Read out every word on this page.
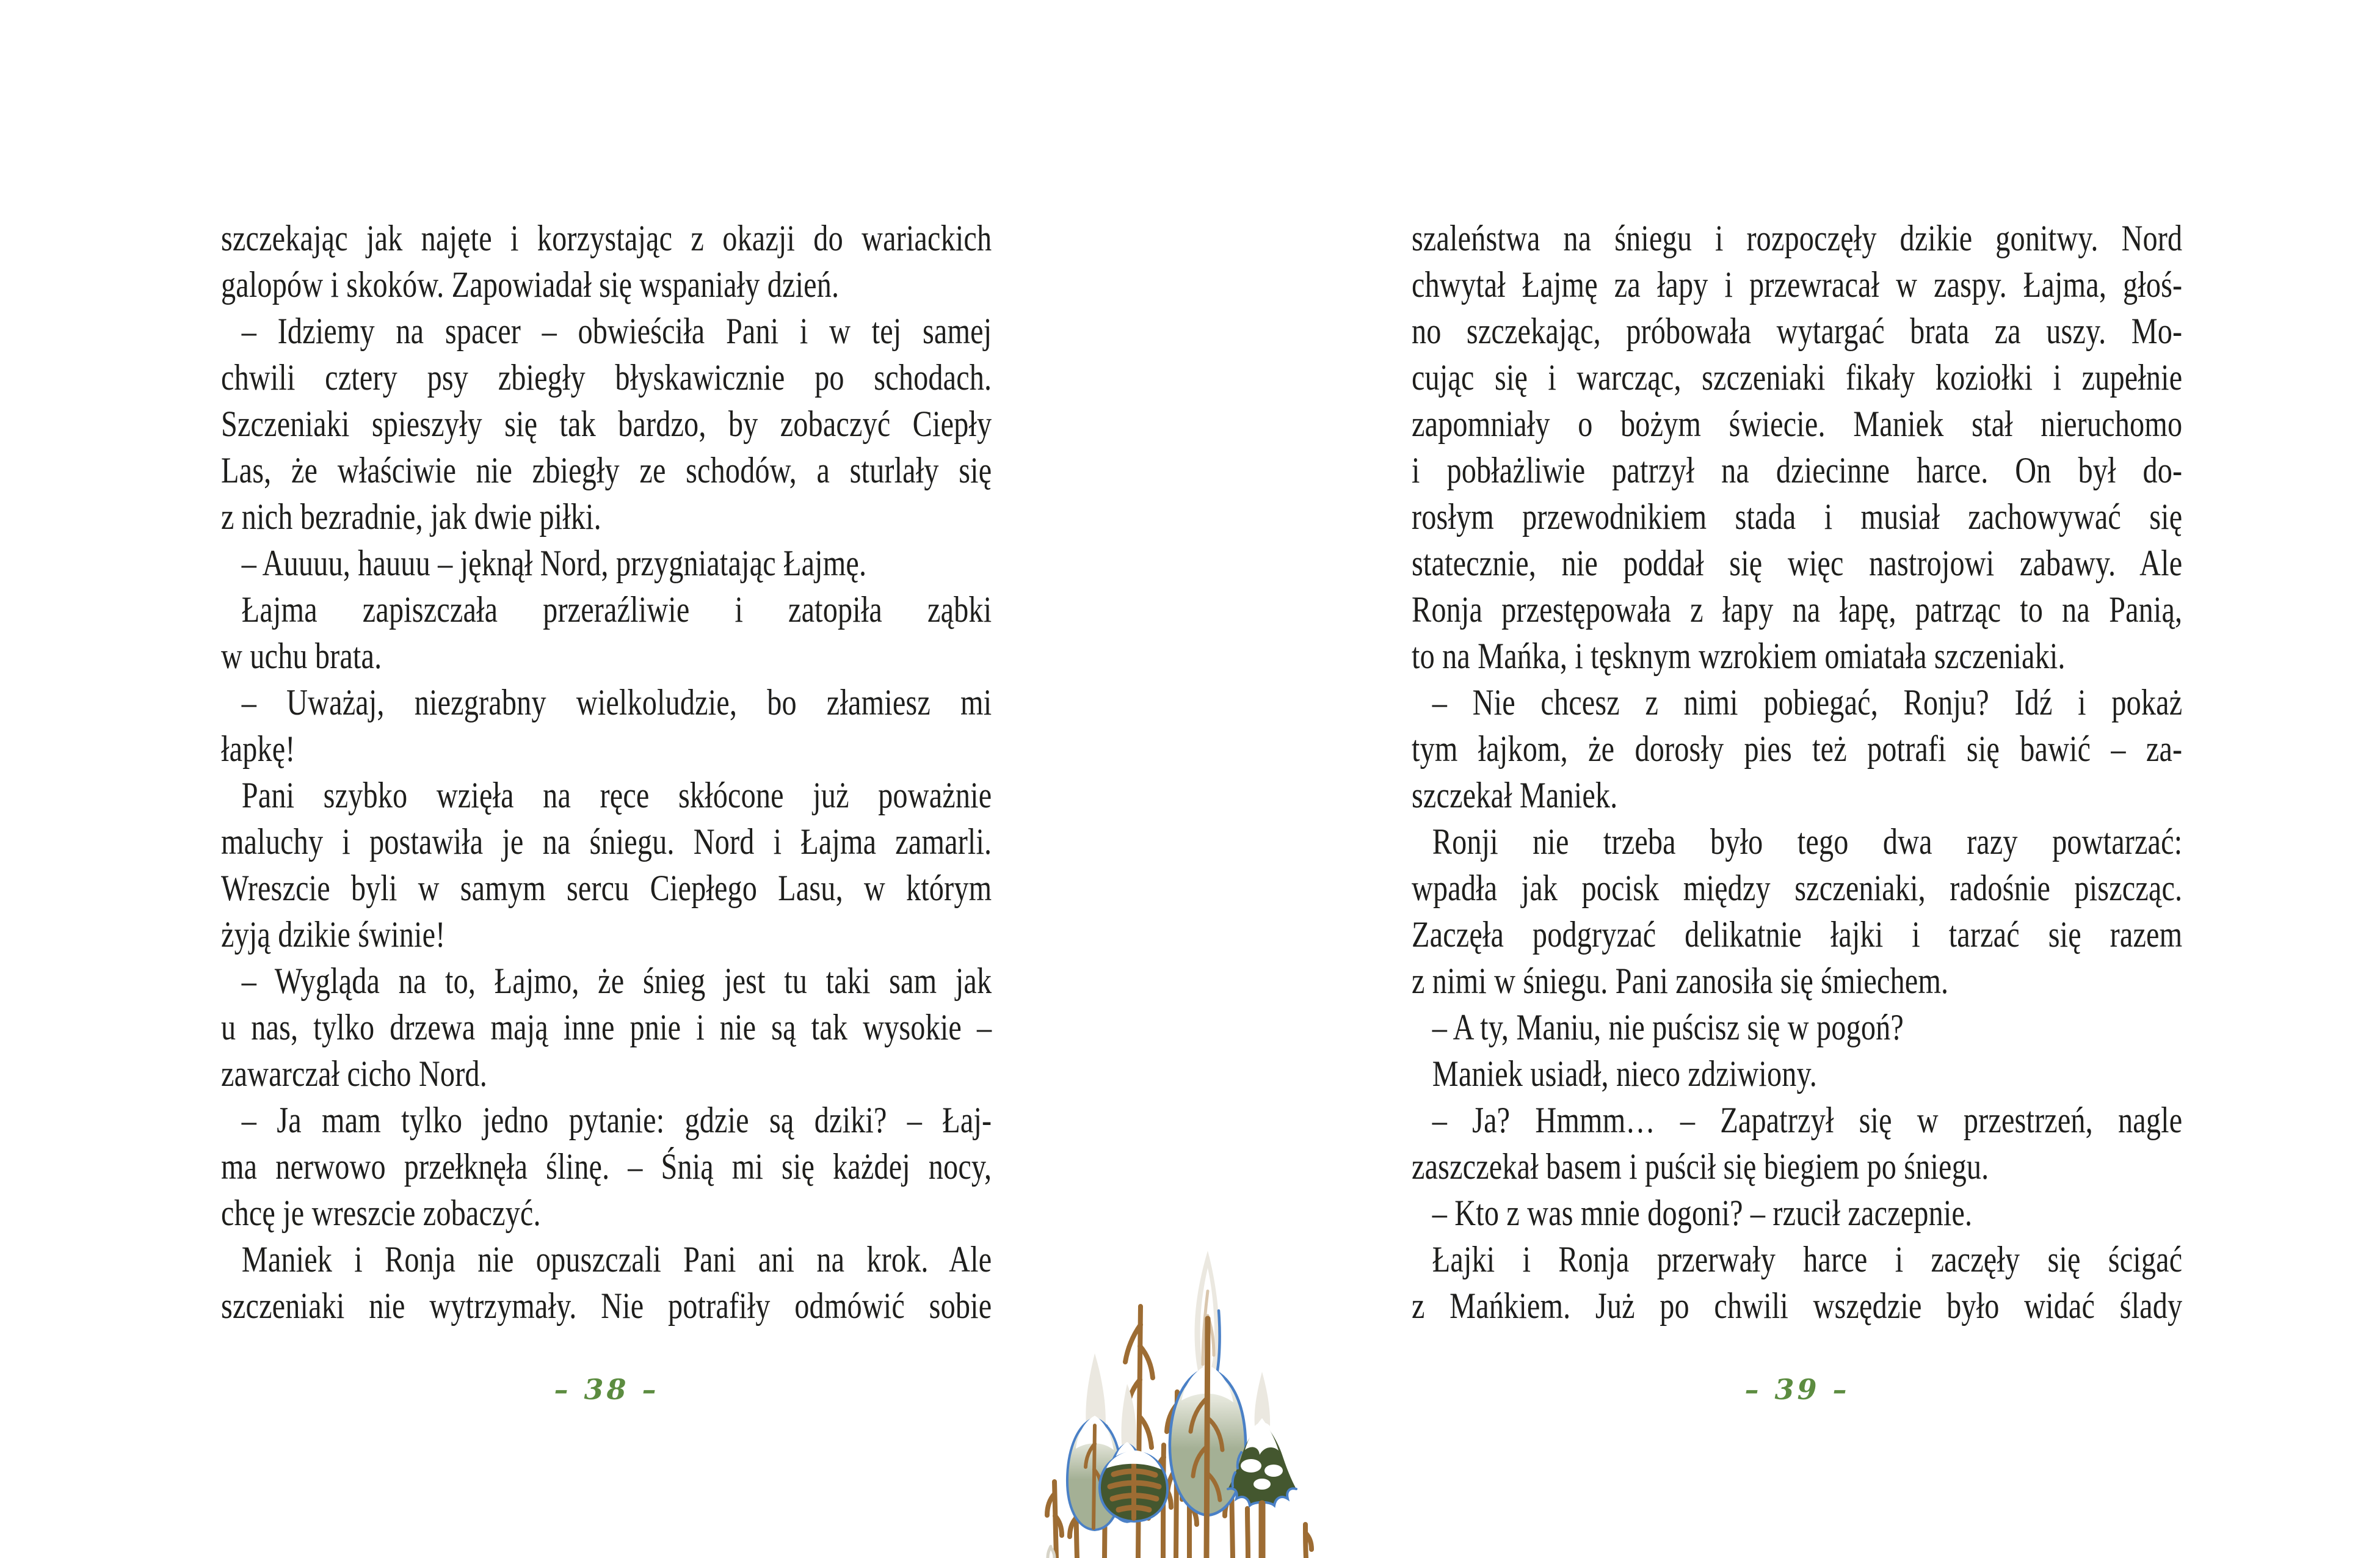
szczekając jak najęte i korzystając z okazji do wariackich
galopów i skoków. Zapowiadał się wspaniały dzień.
– Idziemy na spacer – obwieściła Pani i w tej samej
chwili cztery psy zbiegły błyskawicznie po schodach.
Szczeniaki spieszyły się tak bardzo, by zobaczyć Ciepły
Las, że właściwie nie zbiegły ze schodów, a sturlały się
z nich bezradnie, jak dwie piłki.
– Auuuu, hauuu – jęknął Nord, przygniatając Łajmę.
Łajma zapiszczała przeraźliwie i zatopiła ząbki
w uchu brata.
– Uważaj, niezgrabny wielkoludzie, bo złamiesz mi
łapkę!
Pani szybko wzięła na ręce skłócone już poważnie
maluchy i postawiła je na śniegu. Nord i Łajma zamarli.
Wreszcie byli w samym sercu Ciepłego Lasu, w którym
żyją dzikie świnie!
– Wygląda na to, Łajmo, że śnieg jest tu taki sam jak
u nas, tylko drzewa mają inne pnie i nie są tak wysokie –
zawarczał cicho Nord.
– Ja mam tylko jedno pytanie: gdzie są dziki? – Łaj-
ma nerwowo przełknęła ślinę. – Śnią mi się każdej nocy,
chcę je wreszcie zobaczyć.
Maniek i Ronja nie opuszczali Pani ani na krok. Ale
szczeniaki nie wytrzymały. Nie potrafiły odmówić sobie
– 38 –
szaleństwa na śniegu i rozpoczęły dzikie gonitwy. Nord
chwytał Łajmę za łapy i przewracał w zaspy. Łajma, głoś-
no szczekając, próbowała wytargać brata za uszy. Mo-
cując się i warcząc, szczeniaki fikały koziołki i zupełnie
zapomniały o bożym świecie. Maniek stał nieruchomo
i pobłażliwie patrzył na dziecinne harce. On był do-
rosłym przewodnikiem stada i musiał zachowywać się
statecznie, nie poddał się więc nastrojowi zabawy. Ale
Ronja przestępowała z łapy na łapę, patrząc to na Panią,
to na Mańka, i tęsknym wzrokiem omiatała szczeniaki.
– Nie chcesz z nimi pobiegać, Ronju? Idź i pokaż
tym łajkom, że dorosły pies też potrafi się bawić – za-
szczekał Maniek.
Ronji nie trzeba było tego dwa razy powtarzać:
wpadła jak pocisk między szczeniaki, radośnie piszcząc.
Zaczęła podgryzać delikatnie łajki i tarzać się razem
z nimi w śniegu. Pani zanosiła się śmiechem.
– A ty, Maniu, nie puścisz się w pogoń?
Maniek usiadł, nieco zdziwiony.
– Ja? Hmmm… – Zapatrzył się w przestrzeń, nagle
zaszczekał basem i puścił się biegiem po śniegu.
– Kto z was mnie dogoni? – rzucił zaczepnie.
Łajki i Ronja przerwały harce i zaczęły się ścigać
z Mańkiem. Już po chwili wszędzie było widać ślady
– 39 –
